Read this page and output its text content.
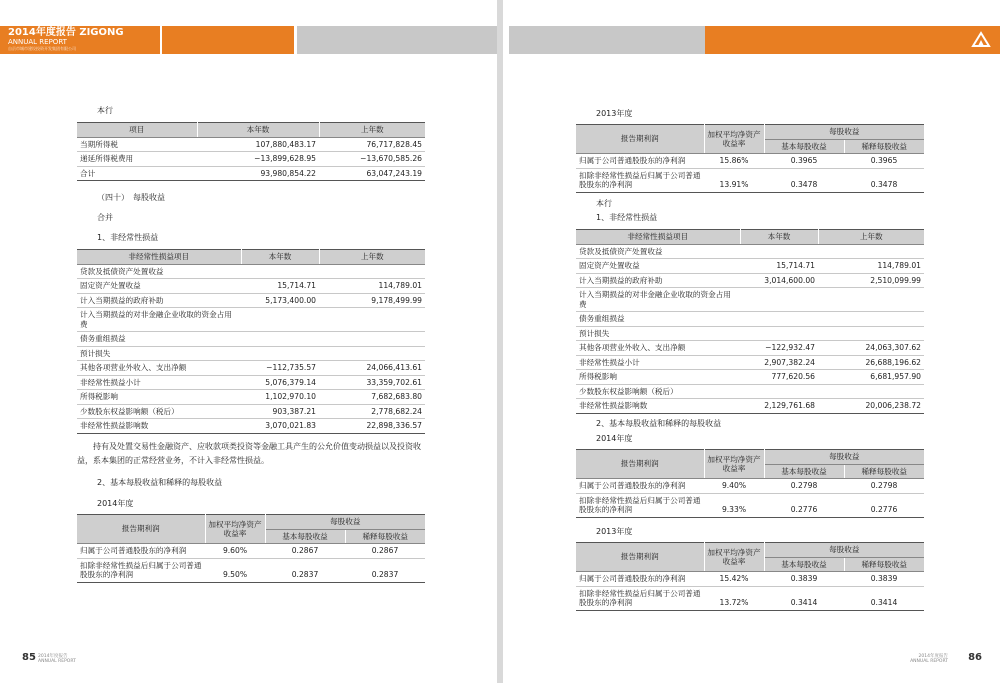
2014年度报告 ZIGONG
ANNUAL REPORT
自贡市城市建设投资开发集团有限公司
本行
项目	本年数	上年数
当期所得税	107,880,483.17	76,717,828.45
递延所得税费用	−13,899,628.95	−13,670,585.26
合计	93,980,854.22	63,047,243.19
（四十）　每股收益
合并
1、非经常性损益
非经常性损益项目	本年数	上年数
贷款及抵债资产处置收益		
固定资产处置收益	15,714.71	114,789.01
计入当期损益的政府补助	5,173,400.00	9,178,499.99
计入当期损益的对非金融企业收取的资金占用费		
债务重组损益		
预计损失		
其他各项营业外收入、支出净额	−112,735.57	24,066,413.61
非经常性损益小计	5,076,379.14	33,359,702.61
所得税影响	1,102,970.10	7,682,683.80
少数股东权益影响额（税后）	903,387.21	2,778,682.24
非经常性损益影响数	3,070,021.83	22,898,336.57
持有及处置交易性金融资产、应收款项类投资等金融工具产生的公允价值变动损益以及投资收益，系本集团的正常经营业务，不计入非经常性损益。
2、基本每股收益和稀释的每股收益
2014年度
报告期利润	加权平均净资产收益率	每股收益	
		基本每股收益	稀释每股收益
归属于公司普通股股东的净利润	9.60%	0.2867	0.2867
扣除非经常性损益后归属于公司普通股股东的净利润	9.50%	0.2837	0.2837
85 2014年度报告
ANNUAL REPORT
2013年度
报告期利润	加权平均净资产收益率	每股收益	
		基本每股收益	稀释每股收益
归属于公司普通股股东的净利润	15.86%	0.3965	0.3965
扣除非经常性损益后归属于公司普通股股东的净利润	13.91%	0.3478	0.3478
本行
1、非经常性损益
非经常性损益项目	本年数	上年数
贷款及抵债资产处置收益		
固定资产处置收益	15,714.71	114,789.01
计入当期损益的政府补助	3,014,600.00	2,510,099.99
计入当期损益的对非金融企业收取的资金占用费		
债务重组损益		
预计损失		
其他各项营业外收入、支出净额	−122,932.47	24,063,307.62
非经常性损益小计	2,907,382.24	26,688,196.62
所得税影响	777,620.56	6,681,957.90
少数股东权益影响额（税后）		
非经常性损益影响数	2,129,761.68	20,006,238.72
2、基本每股收益和稀释的每股收益
2014年度
报告期利润	加权平均净资产收益率	每股收益	
		基本每股收益	稀释每股收益
归属于公司普通股股东的净利润	9.40%	0.2798	0.2798
扣除非经常性损益后归属于公司普通股股东的净利润	9.33%	0.2776	0.2776
2013年度
报告期利润	加权平均净资产收益率	每股收益	
		基本每股收益	稀释每股收益
归属于公司普通股股东的净利润	15.42%	0.3839	0.3839
扣除非经常性损益后归属于公司普通股股东的净利润	13.72%	0.3414	0.3414
2014年度报告
ANNUAL REPORT 86
